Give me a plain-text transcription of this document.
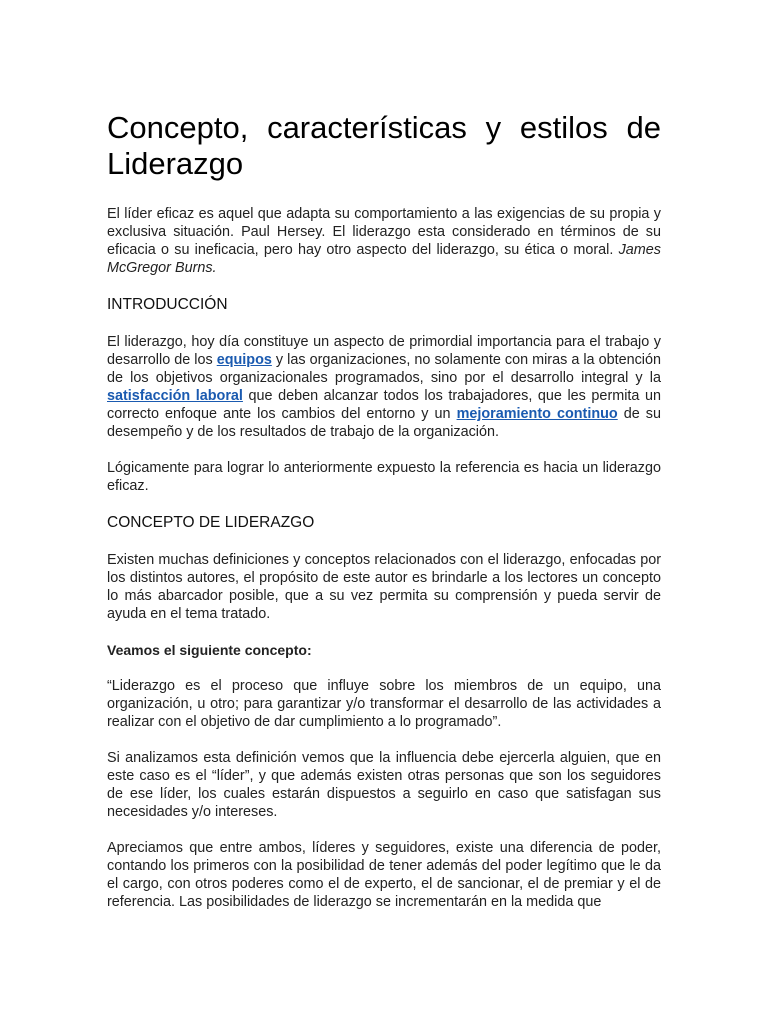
Concepto, características y estilos de Liderazgo

El líder eficaz es aquel que adapta su comportamiento a las exigencias de su propia y exclusiva situación. Paul Hersey. El liderazgo esta considerado en términos de su eficacia o su ineficacia, pero hay otro aspecto del liderazgo, su ética o moral. James McGregor Burns.

INTRODUCCIÓN

El liderazgo, hoy día constituye un aspecto de primordial importancia para el trabajo y desarrollo de los equipos y las organizaciones, no solamente con miras a la obtención de los objetivos organizacionales programados, sino por el desarrollo integral y la satisfacción laboral que deben alcanzar todos los trabajadores, que les permita un correcto enfoque ante los cambios del entorno y un mejoramiento continuo de su desempeño y de los resultados de trabajo de la organización.

Lógicamente para lograr lo anteriormente expuesto la referencia es hacia un liderazgo eficaz.

CONCEPTO DE LIDERAZGO

Existen muchas definiciones y conceptos relacionados con el liderazgo, enfocadas por los distintos autores, el propósito de este autor es brindarle a los lectores un concepto lo más abarcador posible, que a su vez permita su comprensión y pueda servir de ayuda en el tema tratado.

Veamos el siguiente concepto:

“Liderazgo es el proceso que influye sobre los miembros de un equipo, una organización, u otro; para garantizar y/o transformar el desarrollo de las actividades a realizar con el objetivo de dar cumplimiento a lo programado”.

Si analizamos esta definición vemos que la influencia debe ejercerla alguien, que en este caso es el “líder”, y que además existen otras personas que son los seguidores de ese líder, los cuales estarán dispuestos a seguirlo en caso que satisfagan sus necesidades y/o intereses.

Apreciamos que entre ambos, líderes y seguidores, existe una diferencia de poder, contando los primeros con la posibilidad de tener además del poder legítimo que le da el cargo, con otros poderes como el de experto, el de sancionar, el de premiar y el de referencia. Las posibilidades de liderazgo se incrementarán en la medida que
